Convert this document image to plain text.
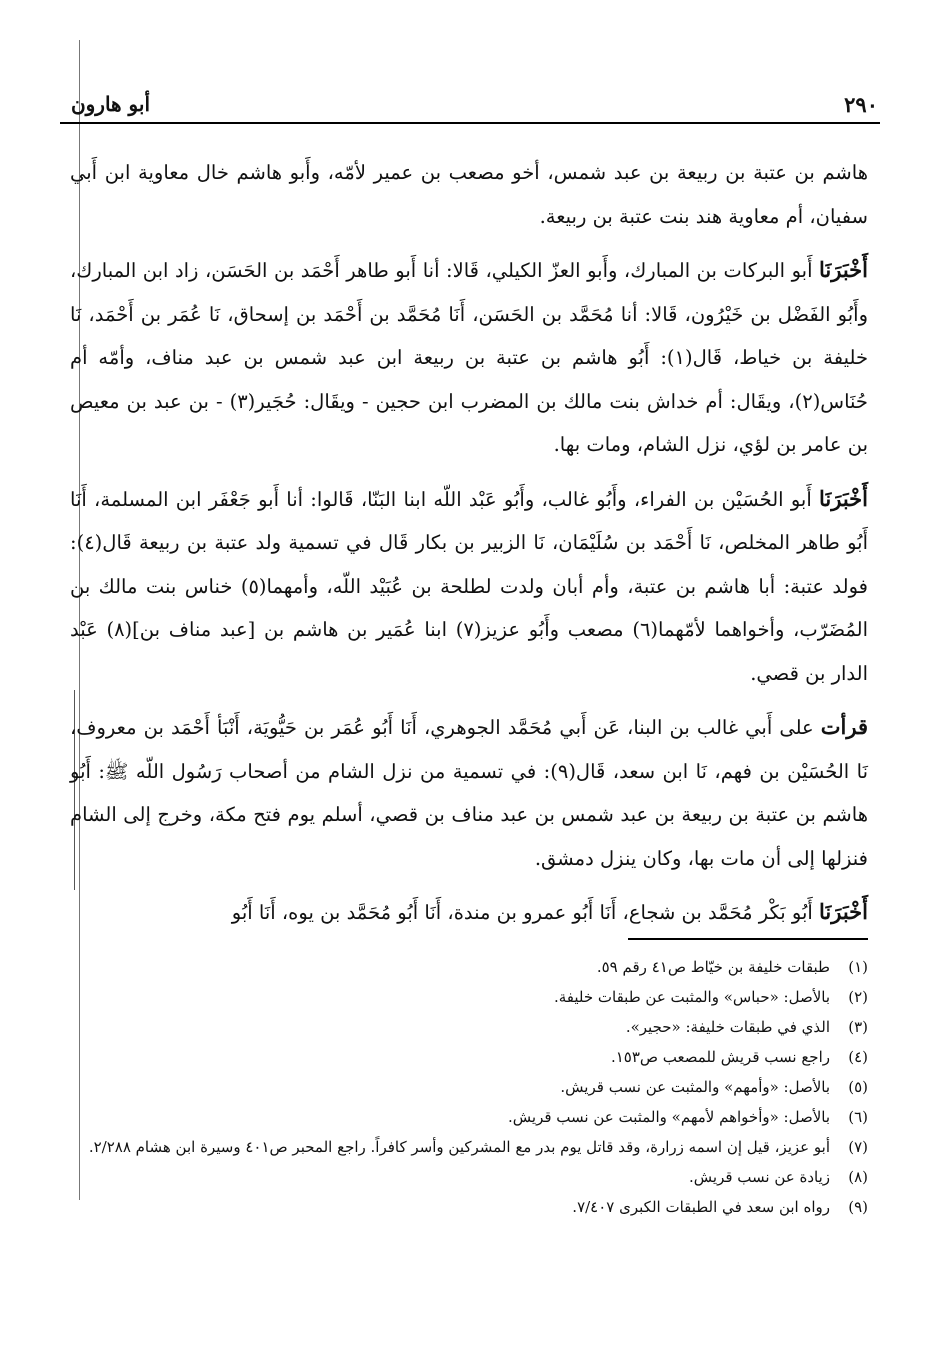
٢٩٠
أبو هارون

هاشم بن عتبة بن ربيعة بن عبد شمس، أخو مصعب بن عمير لأمّه، وأَبو هاشم خال معاوية ابن أَبي سفيان، أم معاوية هند بنت عتبة بن ربيعة.

أَخْبَرَنَا أَبو البركات بن المبارك، وأَبو العزّ الكيلي، قَالا: أنا أَبو طاهر أَحْمَد بن الحَسَن، زاد ابن المبارك، وأَبُو الفَضْل بن خَيْرُون، قَالا: أنا مُحَمَّد بن الحَسَن، أَنَا مُحَمَّد بن أَحْمَد بن إسحاق، نَا عُمَر بن أَحْمَد، نَا خليفة بن خياط، قَال(١): أَبُو هاشم بن عتبة بن ربيعة ابن عبد شمس بن عبد مناف، وأمّه أم حُنَاس(٢)، ويقَال: أم خداش بنت مالك بن المضرب ابن حجين - ويقَال: حُجَير(٣) - بن عبد بن معيص بن عامر بن لؤي، نزل الشام، ومات بها.

أَخْبَرَنَا أَبو الحُسَيْن بن الفراء، وأَبُو غالب، وأَبُو عَبْد اللّه ابنا البَنّا، قَالوا: أنا أَبو جَعْفَر ابن المسلمة، أَنَا أَبُو طاهر المخلص، نَا أَحْمَد بن سُلَيْمَان، نَا الزبير بن بكار قَال في تسمية ولد عتبة بن ربيعة قَال(٤): فولد عتبة: أبا هاشم بن عتبة، وأم أبان ولدت لطلحة بن عُبَيْد اللّه، وأمهما(٥) خناس بنت مالك بن المُضَرّب، وأخواهما لأمّهما(٦) مصعب وأَبُو عزيز(٧) ابنا عُمَير بن هاشم بن [عبد مناف بن](٨) عَبْد الدار بن قصي.

قرأت على أَبي غالب بن البنا، عَن أَبي مُحَمَّد الجوهري، أَنَا أَبُو عُمَر بن حَيُّويَة، أَنْبَأ أَحْمَد بن معروف، نَا الحُسَيْن بن فهم، نَا ابن سعد، قَال(٩): في تسمية من نزل الشام من أصحاب رَسُول اللّه ﷺ: أَبُو هاشم بن عتبة بن ربيعة بن عبد شمس بن عبد مناف بن قصي، أسلم يوم فتح مكة، وخرج إلى الشام فنزلها إلى أن مات بها، وكان ينزل دمشق.

أَخْبَرَنَا أَبُو بَكْر مُحَمَّد بن شجاع، أَنَا أَبُو عمرو بن مندة، أَنَا أَبُو مُحَمَّد بن يوه، أَنَا أَبُو

(١)
طبقات خليفة بن خيّاط ص٤١ رقم ٥٩.
(٢)
بالأصل: «حباس» والمثبت عن طبقات خليفة.
(٣)
الذي في طبقات خليفة: «حجير».
(٤)
راجع نسب قريش للمصعب ص١٥٣.
(٥)
بالأصل: «وأمهم» والمثبت عن نسب قريش.
(٦)
بالأصل: «وأخواهم لأمهم» والمثبت عن نسب قريش.
(٧)
أبو عزيز، قيل إن اسمه زرارة، وقد قاتل يوم بدر مع المشركين وأسر كافراً. راجع المحبر ص٤٠١ وسيرة ابن هشام ٢/٢٨٨.
(٨)
زيادة عن نسب قريش.
(٩)
رواه ابن سعد في الطبقات الكبرى ٧/٤٠٧.
